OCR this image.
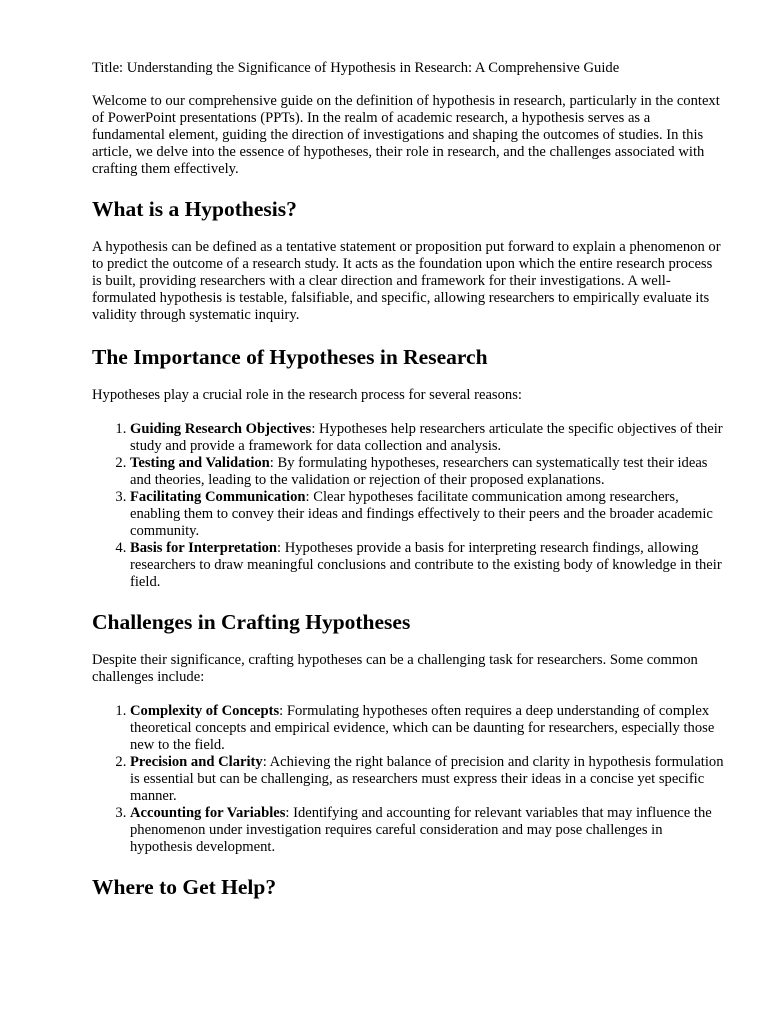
Title: Understanding the Significance of Hypothesis in Research: A Comprehensive Guide

Welcome to our comprehensive guide on the definition of hypothesis in research, particularly in the context of PowerPoint presentations (PPTs). In the realm of academic research, a hypothesis serves as a fundamental element, guiding the direction of investigations and shaping the outcomes of studies. In this article, we delve into the essence of hypotheses, their role in research, and the challenges associated with crafting them effectively.

What is a Hypothesis?

A hypothesis can be defined as a tentative statement or proposition put forward to explain a phenomenon or to predict the outcome of a research study. It acts as the foundation upon which the entire research process is built, providing researchers with a clear direction and framework for their investigations. A well-formulated hypothesis is testable, falsifiable, and specific, allowing researchers to empirically evaluate its validity through systematic inquiry.

The Importance of Hypotheses in Research

Hypotheses play a crucial role in the research process for several reasons:

1. Guiding Research Objectives: Hypotheses help researchers articulate the specific objectives of their study and provide a framework for data collection and analysis.
2. Testing and Validation: By formulating hypotheses, researchers can systematically test their ideas and theories, leading to the validation or rejection of their proposed explanations.
3. Facilitating Communication: Clear hypotheses facilitate communication among researchers, enabling them to convey their ideas and findings effectively to their peers and the broader academic community.
4. Basis for Interpretation: Hypotheses provide a basis for interpreting research findings, allowing researchers to draw meaningful conclusions and contribute to the existing body of knowledge in their field.
Challenges in Crafting Hypotheses

Despite their significance, crafting hypotheses can be a challenging task for researchers. Some common challenges include:

1. Complexity of Concepts: Formulating hypotheses often requires a deep understanding of complex theoretical concepts and empirical evidence, which can be daunting for researchers, especially those new to the field.
2. Precision and Clarity: Achieving the right balance of precision and clarity in hypothesis formulation is essential but can be challenging, as researchers must express their ideas in a concise yet specific manner.
3. Accounting for Variables: Identifying and accounting for relevant variables that may influence the phenomenon under investigation requires careful consideration and may pose challenges in hypothesis development.
Where to Get Help?
